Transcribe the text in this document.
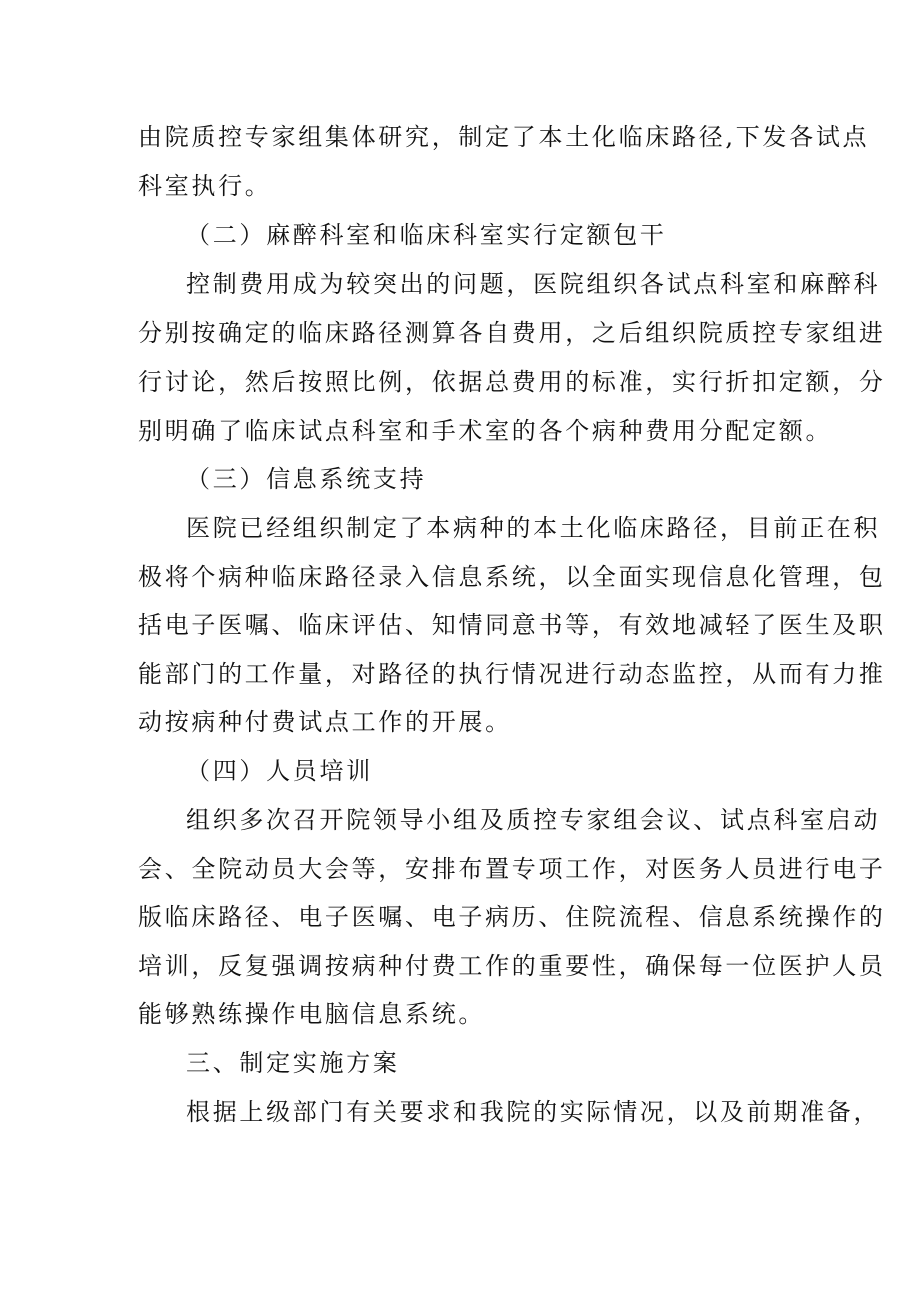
由院质控专家组集体研究，制定了本土化临床路径,下发各试点
科室执行。
（二）麻醉科室和临床科室实行定额包干
控制费用成为较突出的问题，医院组织各试点科室和麻醉科
分别按确定的临床路径测算各自费用，之后组织院质控专家组进
行讨论，然后按照比例，依据总费用的标准，实行折扣定额，分
别明确了临床试点科室和手术室的各个病种费用分配定额。
（三）信息系统支持
医院已经组织制定了本病种的本土化临床路径，目前正在积
极将个病种临床路径录入信息系统，以全面实现信息化管理，包
括电子医嘱、临床评估、知情同意书等，有效地减轻了医生及职
能部门的工作量，对路径的执行情况进行动态监控，从而有力推
动按病种付费试点工作的开展。
（四）人员培训
组织多次召开院领导小组及质控专家组会议、试点科室启动
会、全院动员大会等，安排布置专项工作，对医务人员进行电子
版临床路径、电子医嘱、电子病历、住院流程、信息系统操作的
培训，反复强调按病种付费工作的重要性，确保每一位医护人员
能够熟练操作电脑信息系统。
三、制定实施方案
根据上级部门有关要求和我院的实际情况，以及前期准备，
